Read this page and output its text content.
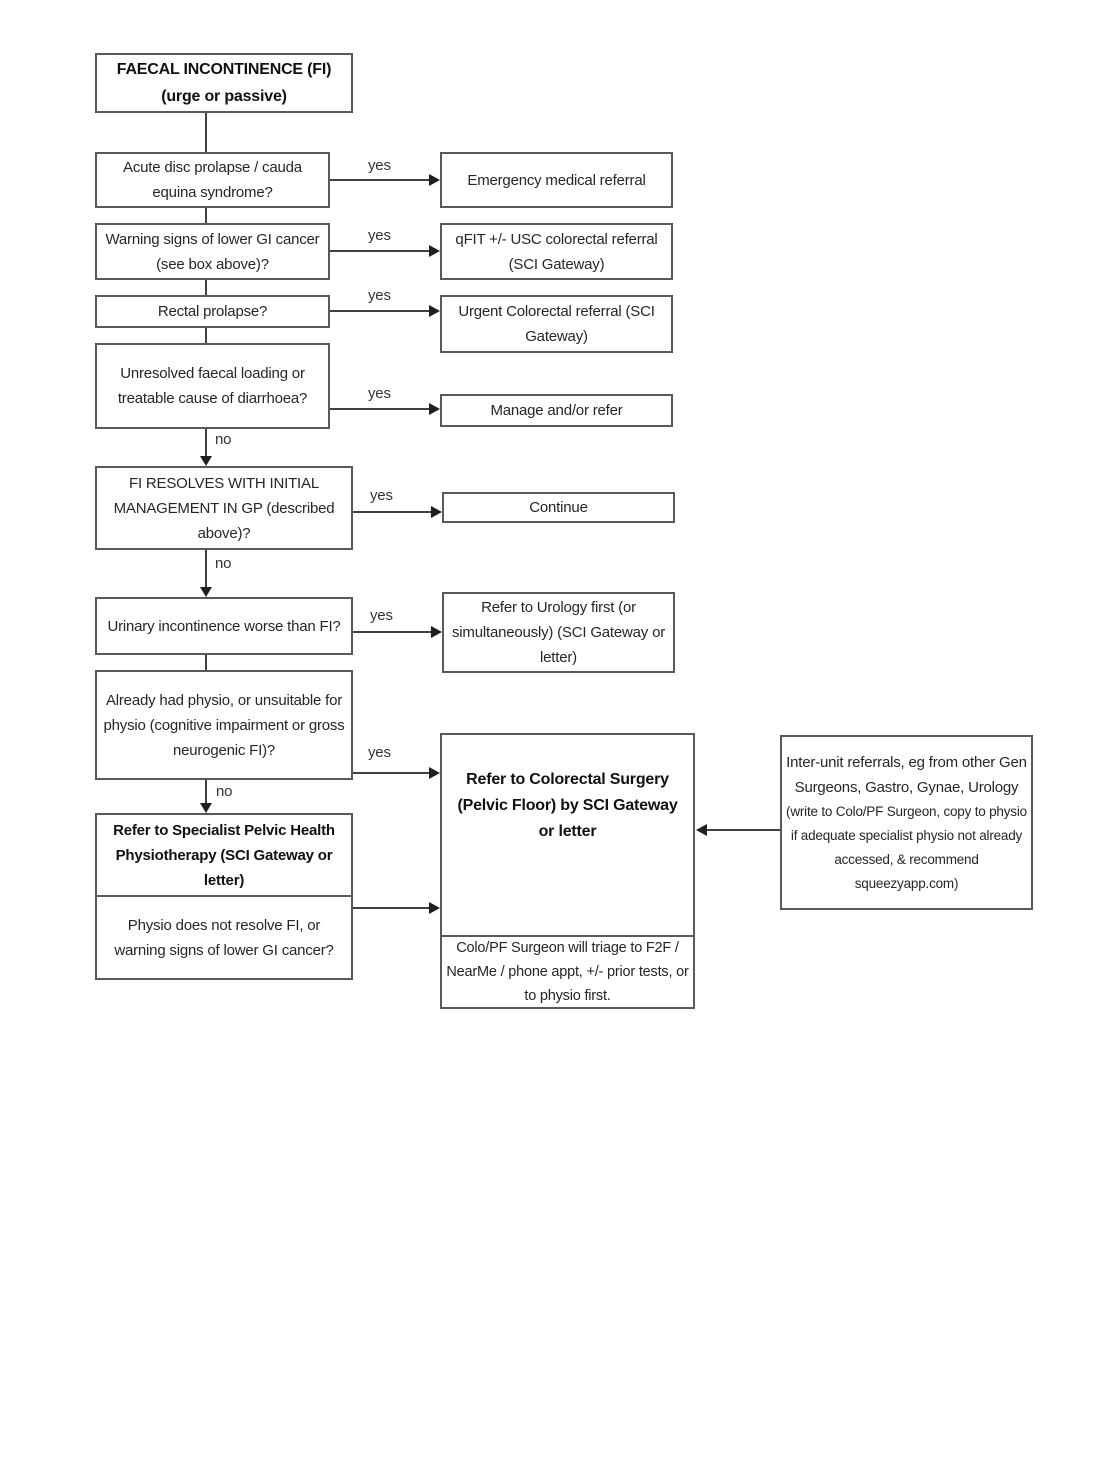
FAECAL INCONTINENCE (FI)
(urge or passive)
Acute disc prolapse / cauda equina syndrome?
Warning signs of lower GI cancer (see box above)?
Rectal prolapse?
Unresolved faecal loading or treatable cause of diarrhoea?
FI RESOLVES WITH INITIAL MANAGEMENT IN GP (described above)?
Urinary incontinence worse than FI?
Already had physio, or unsuitable for physio (cognitive impairment or gross neurogenic FI)?
Refer to Specialist Pelvic Health Physiotherapy (SCI Gateway or letter)
Physio does not resolve FI, or warning signs of lower GI cancer?
Emergency medical referral
qFIT +/- USC colorectal referral (SCI Gateway)
Urgent Colorectal referral (SCI Gateway)
Manage and/or refer
Continue
Refer to Urology first (or simultaneously) (SCI Gateway or letter)
Refer to Colorectal Surgery (Pelvic Floor) by SCI Gateway or letter
Colo/PF Surgeon will triage to F2F / NearMe / phone appt, +/- prior tests, or to physio first.
Inter-unit referrals, eg from other Gen Surgeons, Gastro, Gynae, Urology
(write to Colo/PF Surgeon, copy to physio if adequate specialist physio not already accessed, & recommend squeezyapp.com)
no
no
no
yes
yes
yes
yes
yes
yes
yes
